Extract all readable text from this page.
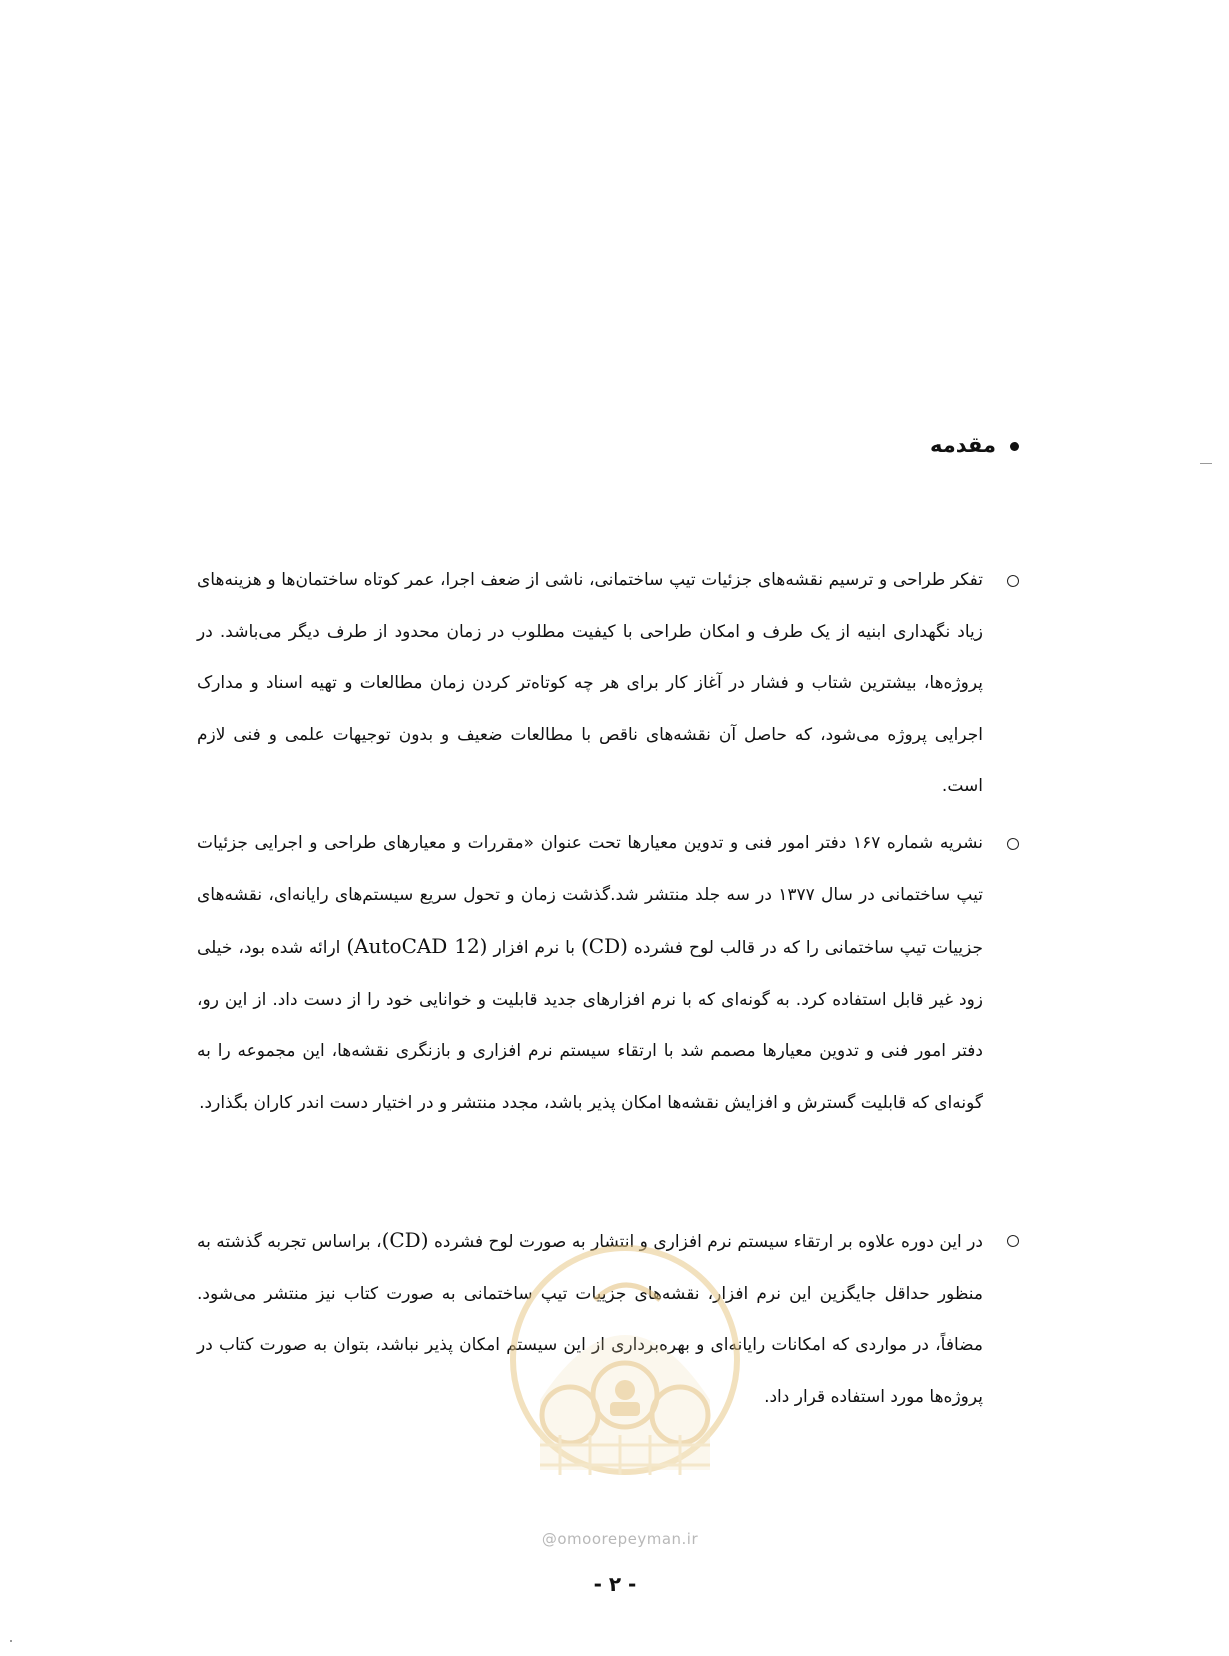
مقدمه
تفکر طراحی و ترسیم نقشه‌های جزئیات تیپ ساختمانی، ناشی از ضعف اجرا، عمر کوتاه ساختمان‌ها و هزینه‌های زیاد نگهداری ابنیه از یک طرف و امکان طراحی با کیفیت مطلوب در زمان محدود از طرف دیگر می‌باشد. در پروژه‌ها، بیشترین شتاب و فشار در آغاز کار برای هر چه کوتاه‌تر کردن زمان مطالعات و تهیه اسناد و مدارک اجرایی پروژه می‌شود، که حاصل آن نقشه‌های ناقص با مطالعات ضعیف و بدون توجیهات علمی و فنی لازم است.
نشریه شماره ۱۶۷ دفتر امور فنی و تدوین معیارها تحت عنوان «مقررات و معیارهای طراحی و اجرایی جزئیات تیپ ساختمانی در سال ۱۳۷۷ در سه جلد منتشر شد.گذشت زمان و تحول سریع سیستم‌های رایانه‌ای، نقشه‌های جزییات تیپ ساختمانی را که در قالب لوح فشرده (CD) با نرم افزار (AutoCAD 12) ارائه شده بود، خیلی زود غیر قابل استفاده کرد. به گونه‌ای که با نرم افزارهای جدید قابلیت و خوانایی خود را از دست داد. از این رو، دفتر امور فنی و تدوین معیارها مصمم شد با ارتقاء سیستم نرم افزاری و بازنگری نقشه‌ها، این مجموعه را به گونه‌ای که قابلیت گسترش و افزایش نقشه‌ها امکان پذیر باشد، مجدد منتشر و در اختیار دست اندر کاران بگذارد.
در این دوره علاوه بر ارتقاء سیستم نرم افزاری و انتشار به صورت لوح فشرده (CD)، براساس تجربه گذشته به منظور حداقل جایگزین این نرم افزار، نقشه‌های جزییات تیپ ساختمانی به صورت کتاب نیز منتشر می‌شود. مضافاً، در مواردی که امکانات رایانه‌ای و بهره‌برداری از این سیستم امکان پذیر نباشد، بتوان به صورت کتاب در پروژه‌ها مورد استفاده قرار داد.
@omoorepeyman.ir
- ۲ -
